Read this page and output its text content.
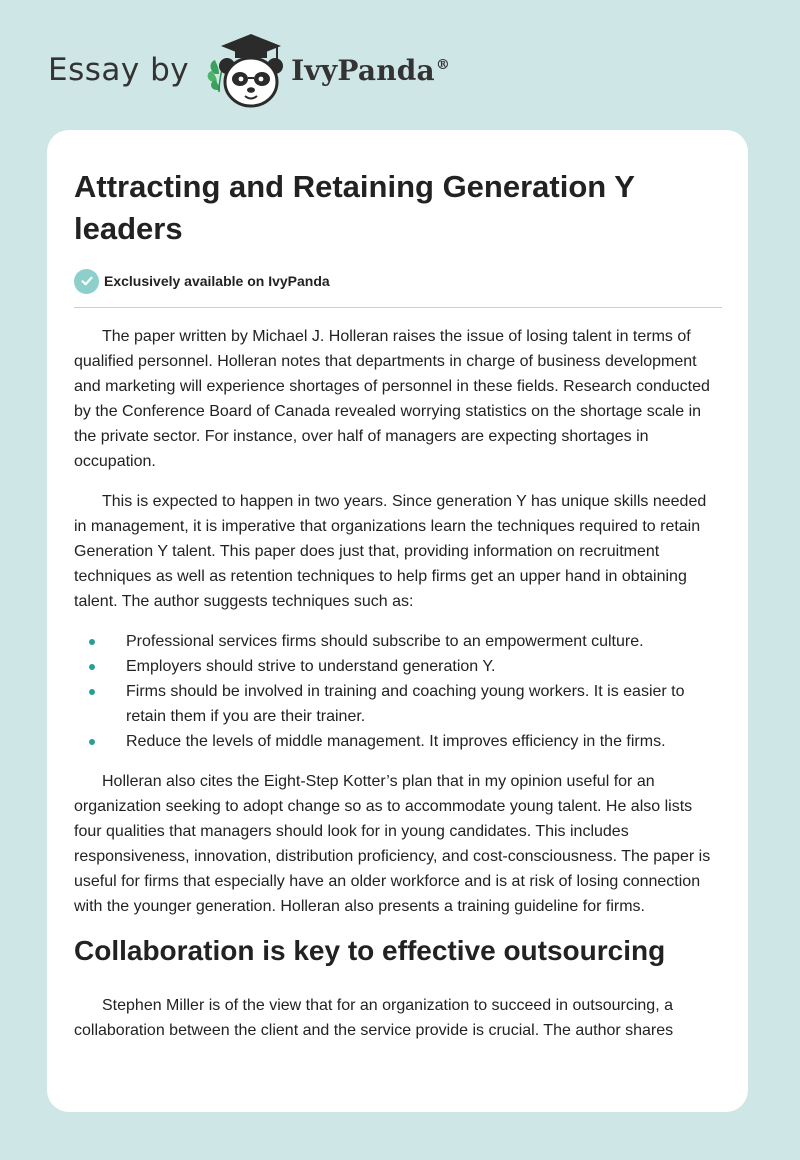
Essay by	IvyPanda®
Attracting and Retaining Generation Y leaders
Exclusively available on IvyPanda

The paper written by Michael J. Holleran raises the issue of losing talent in terms of qualified personnel. Holleran notes that departments in charge of business development and marketing will experience shortages of personnel in these fields. Research conducted by the Conference Board of Canada revealed worrying statistics on the shortage scale in the private sector. For instance, over half of managers are expecting shortages in occupation.

This is expected to happen in two years. Since generation Y has unique skills needed in management, it is imperative that organizations learn the techniques required to retain Generation Y talent. This paper does just that, providing information on recruitment techniques as well as retention techniques to help firms get an upper hand in obtaining talent. The author suggests techniques such as:

Professional services firms should subscribe to an empowerment culture.
Employers should strive to understand generation Y.
Firms should be involved in training and coaching young workers. It is easier to retain them if you are their trainer.
Reduce the levels of middle management. It improves efficiency in the firms.

Holleran also cites the Eight-Step Kotter’s plan that in my opinion useful for an organization seeking to adopt change so as to accommodate young talent. He also lists four qualities that managers should look for in young candidates. This includes responsiveness, innovation, distribution proficiency, and cost-consciousness. The paper is useful for firms that especially have an older workforce and is at risk of losing connection with the younger generation. Holleran also presents a training guideline for firms.

Collaboration is key to effective outsourcing

Stephen Miller is of the view that for an organization to succeed in outsourcing, a collaboration between the client and the service provide is crucial. The author shares
